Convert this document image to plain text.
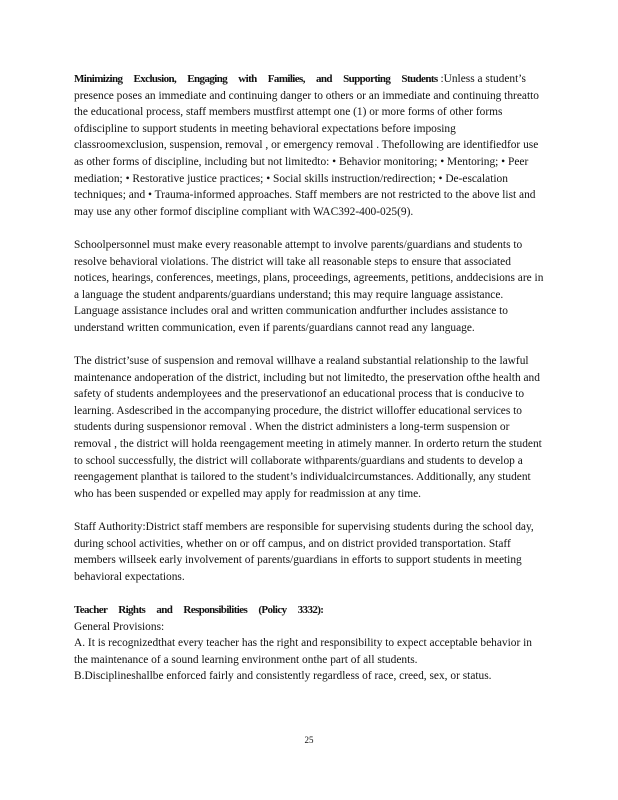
Minimizing Exclusion, Engaging with Families, and Supporting Students :Unless a student’s presence poses an immediate and continuing danger to others or an immediate and continuing threatto the educational process, staff members mustfirst attempt one (1) or more forms of other forms ofdiscipline to support students in meeting behavioral expectations before imposing classroomexclusion, suspension, removal , or emergency removal . Thefollowing are identifiedfor use as other forms of discipline, including but not limitedto: • Behavior monitoring; • Mentoring; • Peer mediation; • Restorative justice practices; • Social skills instruction/redirection; • De-escalation techniques; and • Trauma-informed approaches. Staff members are not restricted to the above list and may use any other formof discipline compliant with WAC392-400-025(9).

Schoolpersonnel must make every reasonable attempt to involve parents/guardians and students to resolve behavioral violations. The district will take all reasonable steps to ensure that associated notices, hearings, conferences, meetings, plans, proceedings, agreements, petitions, anddecisions are in a language the student andparents/guardians understand; this may require language assistance. Language assistance includes oral and written communication andfurther includes assistance to understand written communication, even if parents/guardians cannot read any language.

The district’suse of suspension and removal willhave a realand substantial relationship to the lawful maintenance andoperation of the district, including but not limitedto, the preservation ofthe health and safety of students andemployees and the preservationof an educational process that is conducive to learning. Asdescribed in the accompanying procedure, the district willoffer educational services to students during suspensionor removal . When the district administers a long-term suspension or removal , the district will holda reengagement meeting in atimely manner. In orderto return the student to school successfully, the district will collaborate withparents/guardians and students to develop a reengagement planthat is tailored to the student’s individualcircumstances. Additionally, any student who has been suspended or expelled may apply for readmission at any time.

Staff Authority:District staff members are responsible for supervising students during the school day, during school activities, whether on or off campus, and on district provided transportation. Staff members willseek early involvement of parents/guardians in efforts to support students in meeting behavioral expectations.

Teacher Rights and Responsibilities (Policy 3332):

General Provisions:

A. It is recognizedthat every teacher has the right and responsibility to expect acceptable behavior in the maintenance of a sound learning environment onthe part of all students.

B.Disciplineshallbe enforced fairly and consistently regardless of race, creed, sex, or status.

25
